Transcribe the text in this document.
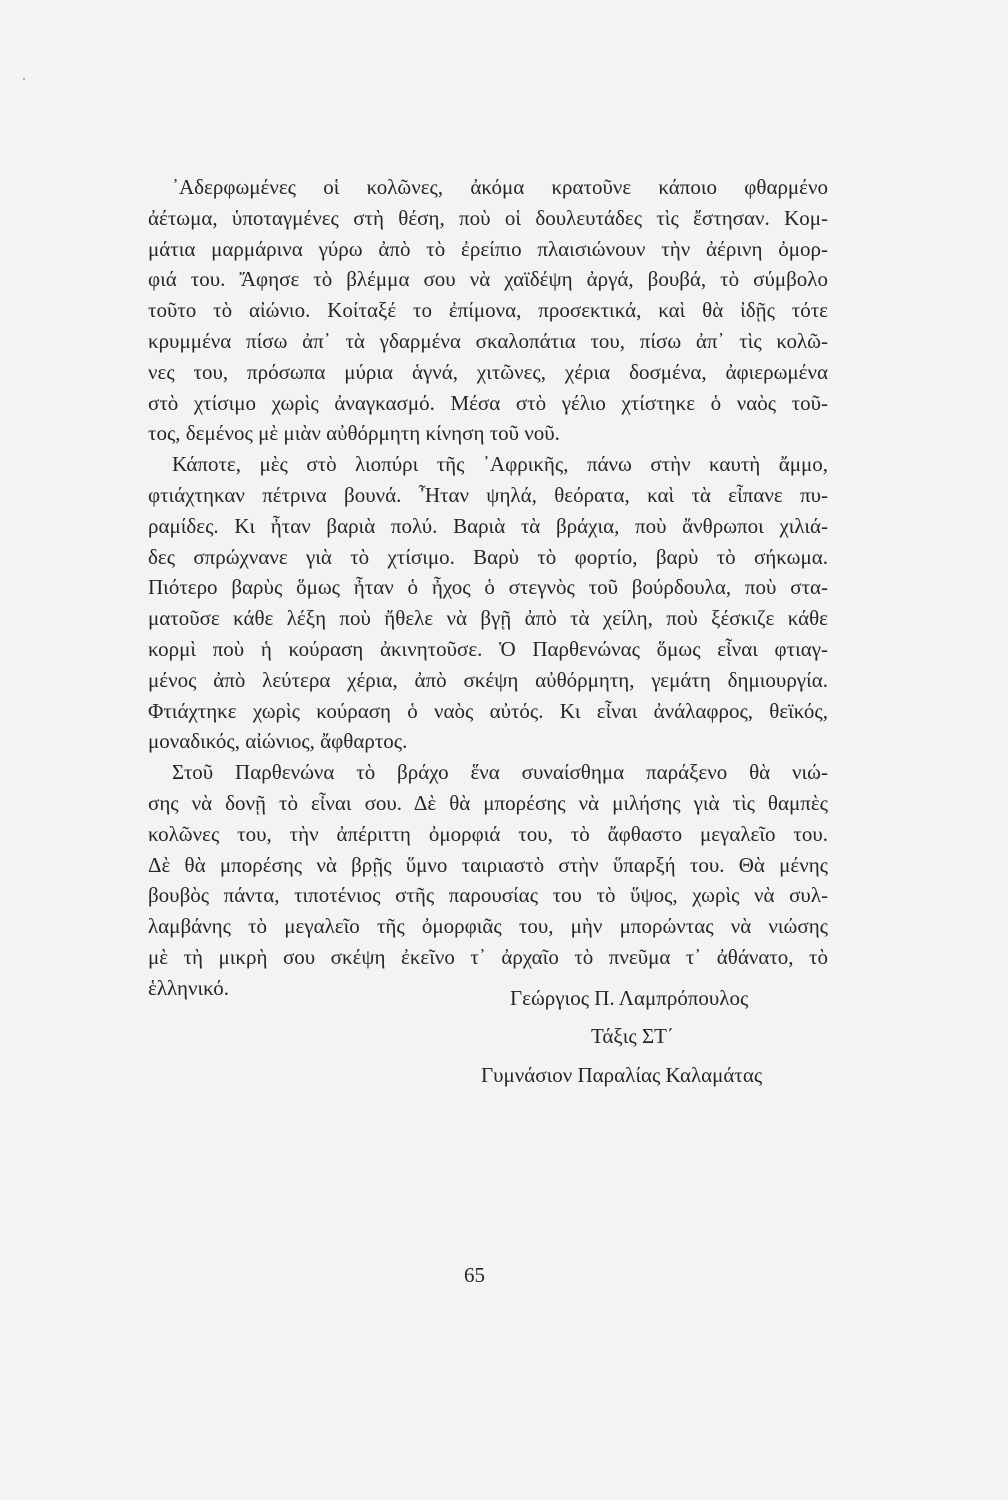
᾿Αδερφωμένες οἱ κολῶνες, ἀκόμα κρατοῦνε κάποιο φθαρμένο
ἀέτωμα, ὑποταγμένες στὴ θέση, ποὺ οἱ δουλευτάδες τὶς ἔστησαν. Κομ-
μάτια μαρμάρινα γύρω ἀπὸ τὸ ἐρείπιο πλαισιώνουν τὴν ἀέρινη ὀμορ-
φιά του. Ἄφησε τὸ βλέμμα σου νὰ χαϊδέψη ἀργά, βουβά, τὸ σύμβολο
τοῦτο τὸ αἰώνιο. Κοίταξέ το ἐπίμονα, προσεκτικά, καὶ θὰ ἰδῇς τότε
κρυμμένα πίσω ἀπ᾿ τὰ γδαρμένα σκαλοπάτια του, πίσω ἀπ᾿ τὶς κολῶ-
νες του, πρόσωπα μύρια ἁγνά, χιτῶνες, χέρια δοσμένα, ἀφιερωμένα
στὸ χτίσιμο χωρὶς ἀναγκασμό. Μέσα στὸ γέλιο χτίστηκε ὁ ναὸς τοῦ-
τος, δεμένος μὲ μιὰν αὐθόρμητη κίνηση τοῦ νοῦ.
Κάποτε, μὲς στὸ λιοπύρι τῆς ᾿Αφρικῆς, πάνω στὴν καυτὴ ἄμμο,
φτιάχτηκαν πέτρινα βουνά. Ἦταν ψηλά, θεόρατα, καὶ τὰ εἶπανε πυ-
ραμίδες. Κι ἦταν βαριὰ πολύ. Βαριὰ τὰ βράχια, ποὺ ἄνθρωποι χιλιά-
δες σπρώχνανε γιὰ τὸ χτίσιμο. Βαρὺ τὸ φορτίο, βαρὺ τὸ σήκωμα.
Πιότερο βαρὺς ὅμως ἦταν ὁ ἦχος ὁ στεγνὸς τοῦ βούρδουλα, ποὺ στα-
ματοῦσε κάθε λέξη ποὺ ἤθελε νὰ βγῇ ἀπὸ τὰ χείλη, ποὺ ξέσκιζε κάθε
κορμὶ ποὺ ἡ κούραση ἀκινητοῦσε. Ὁ Παρθενώνας ὅμως εἶναι φτιαγ-
μένος ἀπὸ λεύτερα χέρια, ἀπὸ σκέψη αὐθόρμητη, γεμάτη δημιουργία.
Φτιάχτηκε χωρὶς κούραση ὁ ναὸς αὐτός. Κι εἶναι ἀνάλαφρος, θεϊκός,
μοναδικός, αἰώνιος, ἄφθαρτος.
Στοῦ Παρθενώνα τὸ βράχο ἕνα συναίσθημα παράξενο θὰ νιώ-
σης νὰ δονῇ τὸ εἶναι σου. Δὲ θὰ μπορέσης νὰ μιλήσης γιὰ τὶς θαμπὲς
κολῶνες του, τὴν ἀπέριττη ὀμορφιά του, τὸ ἄφθαστο μεγαλεῖο του.
Δὲ θὰ μπορέσης νὰ βρῇς ὕμνο ταιριαστὸ στὴν ὕπαρξή του. Θὰ μένης
βουβὸς πάντα, τιποτένιος στῆς παρουσίας του τὸ ὕψος, χωρὶς νὰ συλ-
λαμβάνης τὸ μεγαλεῖο τῆς ὀμορφιᾶς του, μὴν μπορώντας νὰ νιώσης
μὲ τὴ μικρὴ σου σκέψη ἐκεῖνο τ᾿ ἀρχαῖο τὸ πνεῦμα τ᾿ ἀθάνατο, τὸ
ἑλληνικό.	Γεώργιος Π. Λαμπρόπουλος
Τάξις ΣΤ΄
Γυμνάσιον Παραλίας Καλαμάτας
65
